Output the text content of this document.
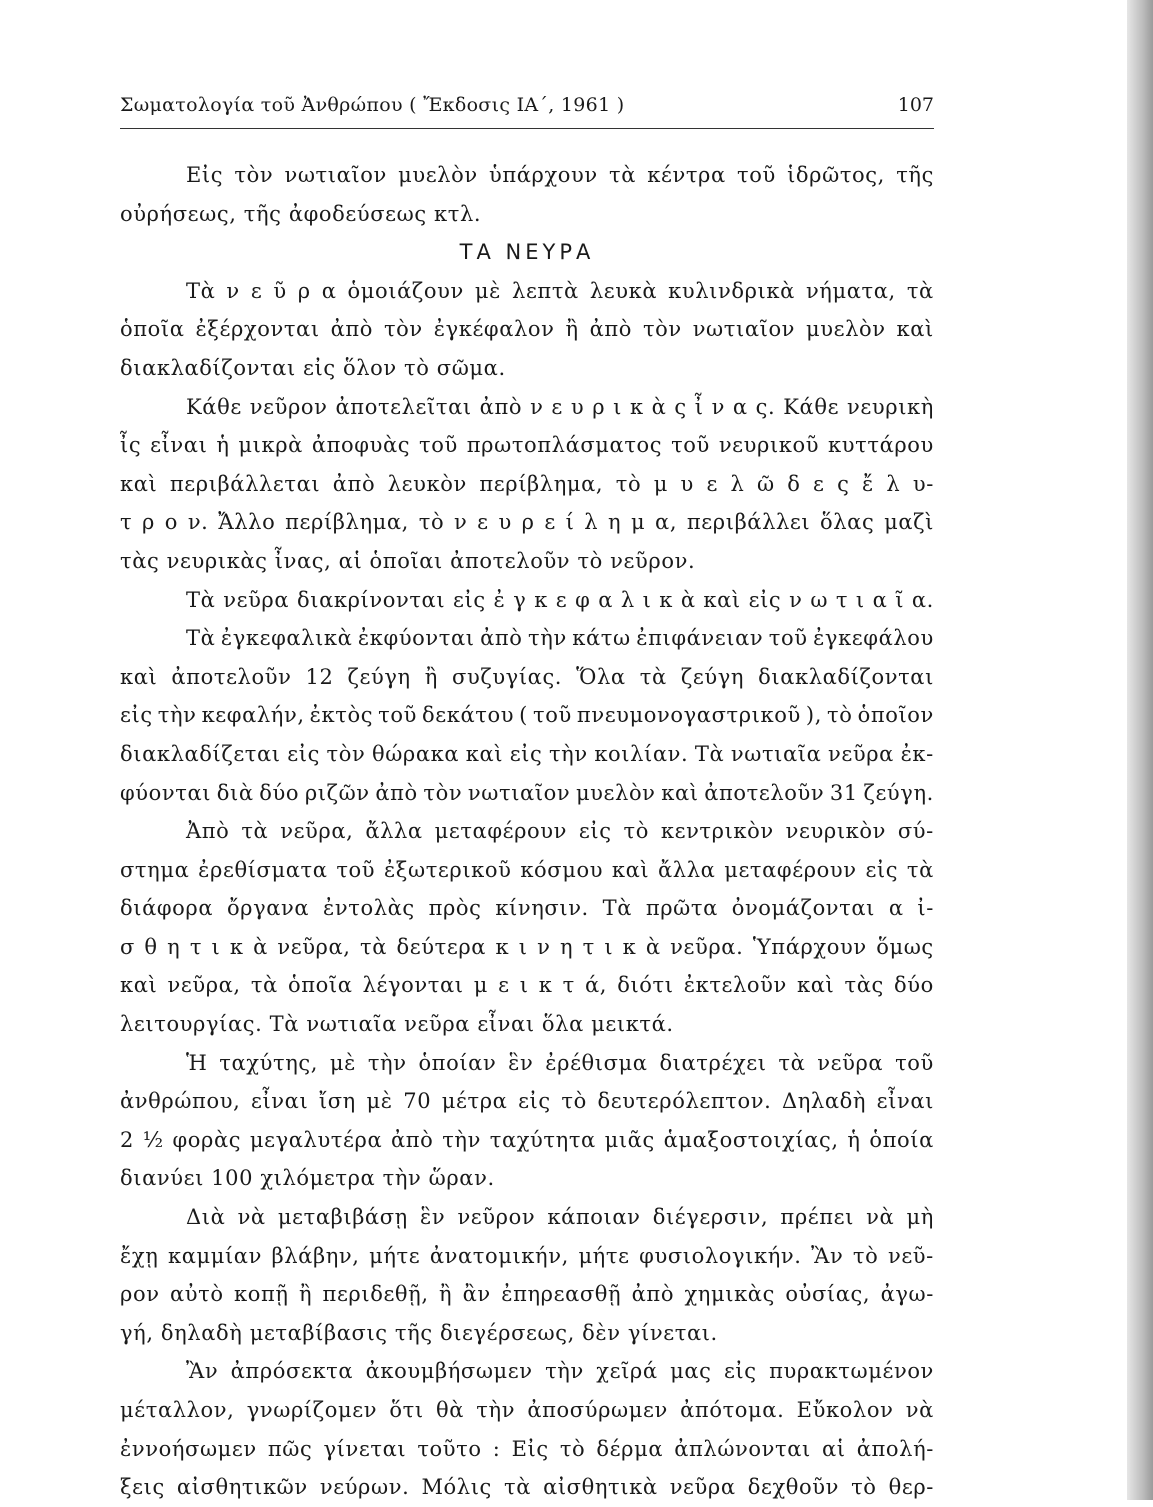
Σωματολογία τοῦ Ἀνθρώπου ( Ἔκδοσις ΙΑ΄, 1961 )	107
Εἰς τὸν νωτιαῖον μυελὸν ὑπάρχουν τὰ κέντρα τοῦ ἱδρῶτος, τῆς
οὐρήσεως, τῆς ἀφοδεύσεως κτλ.
ΤΑ ΝΕΥΡΑ
Τὰ ν ε ῦ ρ α ὁμοιάζουν μὲ λεπτὰ λευκὰ κυλινδρικὰ νήματα, τὰ
ὁποῖα ἐξέρχονται ἀπὸ τὸν ἐγκέφαλον ἢ ἀπὸ τὸν νωτιαῖον μυελὸν καὶ
διακλαδίζονται εἰς ὅλον τὸ σῶμα.
Κάθε νεῦρον ἀποτελεῖται ἀπὸ ν ε υ ρ ι κ ὰ ς ἶ ν α ς. Κάθε νευρικὴ
ἶς εἶναι ἡ μικρὰ ἀποφυὰς τοῦ πρωτοπλάσματος τοῦ νευρικοῦ κυττάρου
καὶ περιβάλλεται ἀπὸ λευκὸν περίβλημα, τὸ μ υ ε λ ῶ δ ε ς ἔ λ υ-
τ ρ ο ν. Ἄλλο περίβλημα, τὸ ν ε υ ρ ε ί λ η μ α, περιβάλλει ὅλας μαζὶ
τὰς νευρικὰς ἶνας, αἱ ὁποῖαι ἀποτελοῦν τὸ νεῦρον.
Τὰ νεῦρα διακρίνονται εἰς ἐ γ κ ε φ α λ ι κ ὰ καὶ εἰς ν ω τ ι α ῖ α.
Τὰ ἐγκεφαλικὰ ἐκφύονται ἀπὸ τὴν κάτω ἐπιφάνειαν τοῦ ἐγκεφάλου
καὶ ἀποτελοῦν 12 ζεύγη ἢ συζυγίας. Ὅλα τὰ ζεύγη διακλαδίζονται
εἰς τὴν κεφαλήν, ἐκτὸς τοῦ δεκάτου ( τοῦ πνευμονογαστρικοῦ ), τὸ ὁποῖον
διακλαδίζεται εἰς τὸν θώρακα καὶ εἰς τὴν κοιλίαν. Τὰ νωτιαῖα νεῦρα ἐκ-
φύονται διὰ δύο ριζῶν ἀπὸ τὸν νωτιαῖον μυελὸν καὶ ἀποτελοῦν 31 ζεύγη.
Ἀπὸ τὰ νεῦρα, ἄλλα μεταφέρουν εἰς τὸ κεντρικὸν νευρικὸν σύ-
στημα ἐρεθίσματα τοῦ ἐξωτερικοῦ κόσμου καὶ ἄλλα μεταφέρουν εἰς τὰ
διάφορα ὄργανα ἐντολὰς πρὸς κίνησιν. Τὰ πρῶτα ὀνομάζονται α ἰ-
σ θ η τ ι κ ὰ νεῦρα, τὰ δεύτερα κ ι ν η τ ι κ ὰ νεῦρα. Ὑπάρχουν ὅμως
καὶ νεῦρα, τὰ ὁποῖα λέγονται μ ε ι κ τ ά, διότι ἐκτελοῦν καὶ τὰς δύο
λειτουργίας. Τὰ νωτιαῖα νεῦρα εἶναι ὅλα μεικτά.
Ἡ ταχύτης, μὲ τὴν ὁποίαν ἓν ἐρέθισμα διατρέχει τὰ νεῦρα τοῦ
ἀνθρώπου, εἶναι ἴση μὲ 70 μέτρα εἰς τὸ δευτερόλεπτον. Δηλαδὴ εἶναι
2 ½ φορὰς μεγαλυτέρα ἀπὸ τὴν ταχύτητα μιᾶς ἁμαξοστοιχίας, ἡ ὁποία
διανύει 100 χιλόμετρα τὴν ὥραν.
Διὰ νὰ μεταβιβάσῃ ἓν νεῦρον κάποιαν διέγερσιν, πρέπει νὰ μὴ
ἔχῃ καμμίαν βλάβην, μήτε ἀνατομικήν, μήτε φυσιολογικήν. Ἂν τὸ νεῦ-
ρον αὐτὸ κοπῇ ἢ περιδεθῇ, ἢ ἂν ἐπηρεασθῇ ἀπὸ χημικὰς οὐσίας, ἀγω-
γή, δηλαδὴ μεταβίβασις τῆς διεγέρσεως, δὲν γίνεται.
Ἂν ἀπρόσεκτα ἀκουμβήσωμεν τὴν χεῖρά μας εἰς πυρακτωμένον
μέταλλον, γνωρίζομεν ὅτι θὰ τὴν ἀποσύρωμεν ἀπότομα. Εὔκολον νὰ
ἐννοήσωμεν πῶς γίνεται τοῦτο : Εἰς τὸ δέρμα ἀπλώνονται αἱ ἀπολή-
ξεις αἰσθητικῶν νεύρων. Μόλις τὰ αἰσθητικὰ νεῦρα δεχθοῦν τὸ θερ-
